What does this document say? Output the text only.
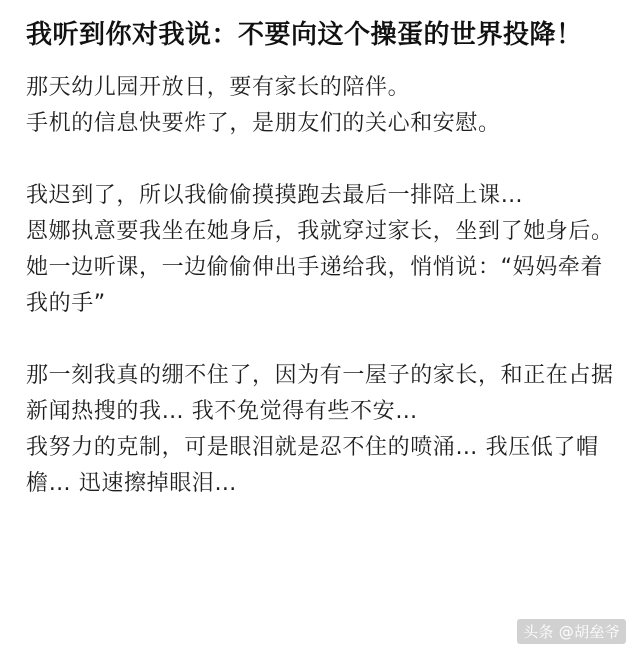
我听到你对我说：不要向这个操蛋的世界投降！

那天幼儿园开放日，要有家长的陪伴。

手机的信息快要炸了，是朋友们的关心和安慰。

我迟到了，所以我偷偷摸摸跑去最后一排陪上课…

恩娜执意要我坐在她身后，我就穿过家长，坐到了她身后。她一边听课，一边偷偷伸出手递给我，悄悄说：“妈妈牵着我的手”

那一刻我真的绷不住了，因为有一屋子的家长，和正在占据新闻热搜的我… 我不免觉得有些不安…

我努力的克制，可是眼泪就是忍不住的喷涌… 我压低了帽檐… 迅速擦掉眼泪…

头条 @胡垒爷
